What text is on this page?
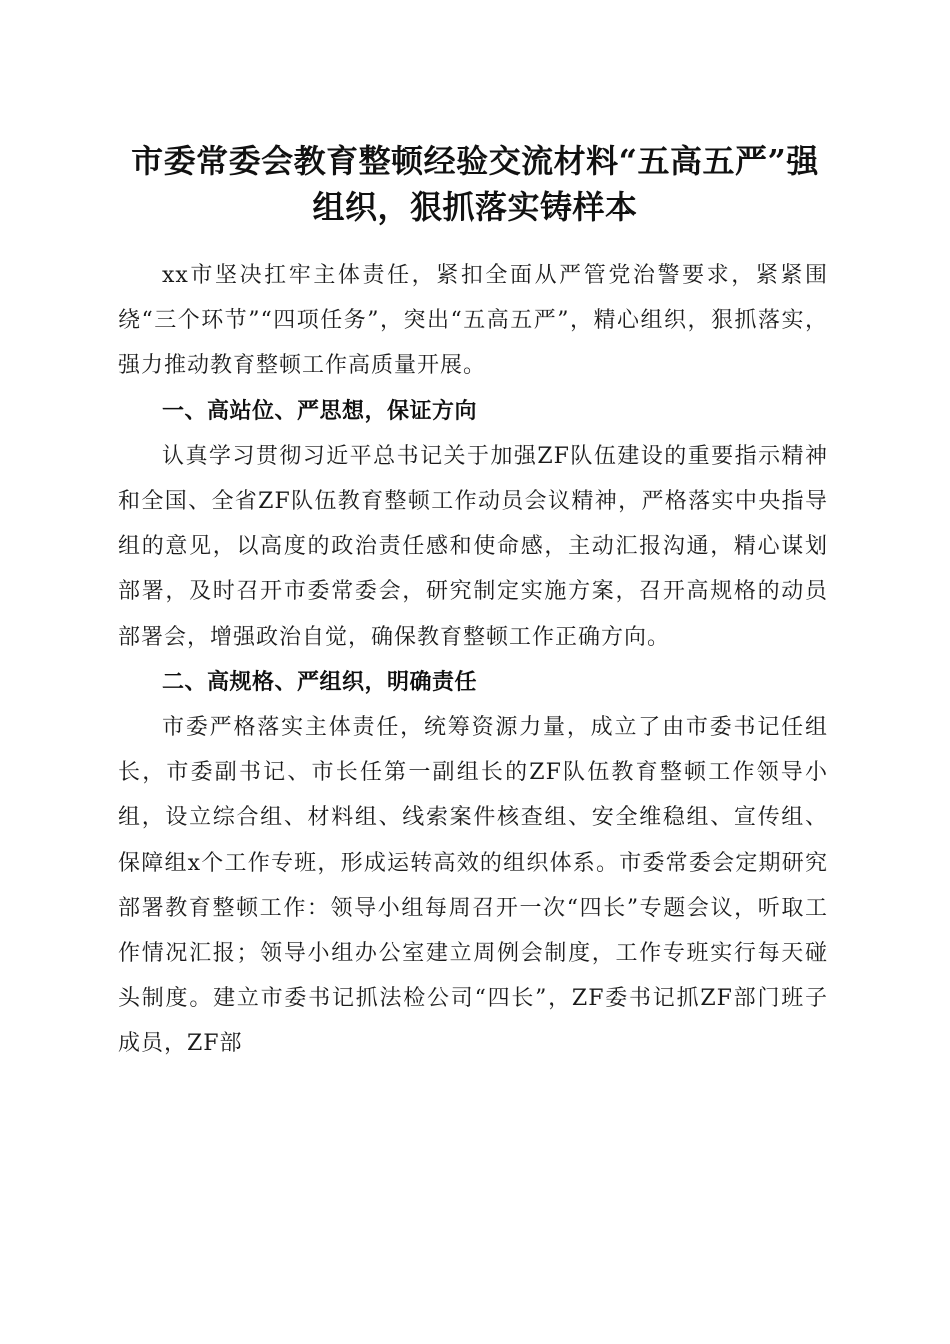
市委常委会教育整顿经验交流材料“五高五严”强组织，狠抓落实铸样本

xx市坚决扛牢主体责任，紧扣全面从严管党治警要求，紧紧围绕“三个环节”“四项任务”，突出“五高五严”，精心组织，狠抓落实，强力推动教育整顿工作高质量开展。

一、高站位、严思想，保证方向

认真学习贯彻习近平总书记关于加强ZF队伍建设的重要指示精神和全国、全省ZF队伍教育整顿工作动员会议精神，严格落实中央指导组的意见，以高度的政治责任感和使命感，主动汇报沟通，精心谋划部署，及时召开市委常委会，研究制定实施方案，召开高规格的动员部署会，增强政治自觉，确保教育整顿工作正确方向。

二、高规格、严组织，明确责任

市委严格落实主体责任，统筹资源力量，成立了由市委书记任组长，市委副书记、市长任第一副组长的ZF队伍教育整顿工作领导小组，设立综合组、材料组、线索案件核查组、安全维稳组、宣传组、保障组x个工作专班，形成运转高效的组织体系。市委常委会定期研究部署教育整顿工作：领导小组每周召开一次“四长”专题会议，听取工作情况汇报；领导小组办公室建立周例会制度，工作专班实行每天碰头制度。建立市委书记抓法检公司“四长”，ZF委书记抓ZF部门班子成员，ZF部
